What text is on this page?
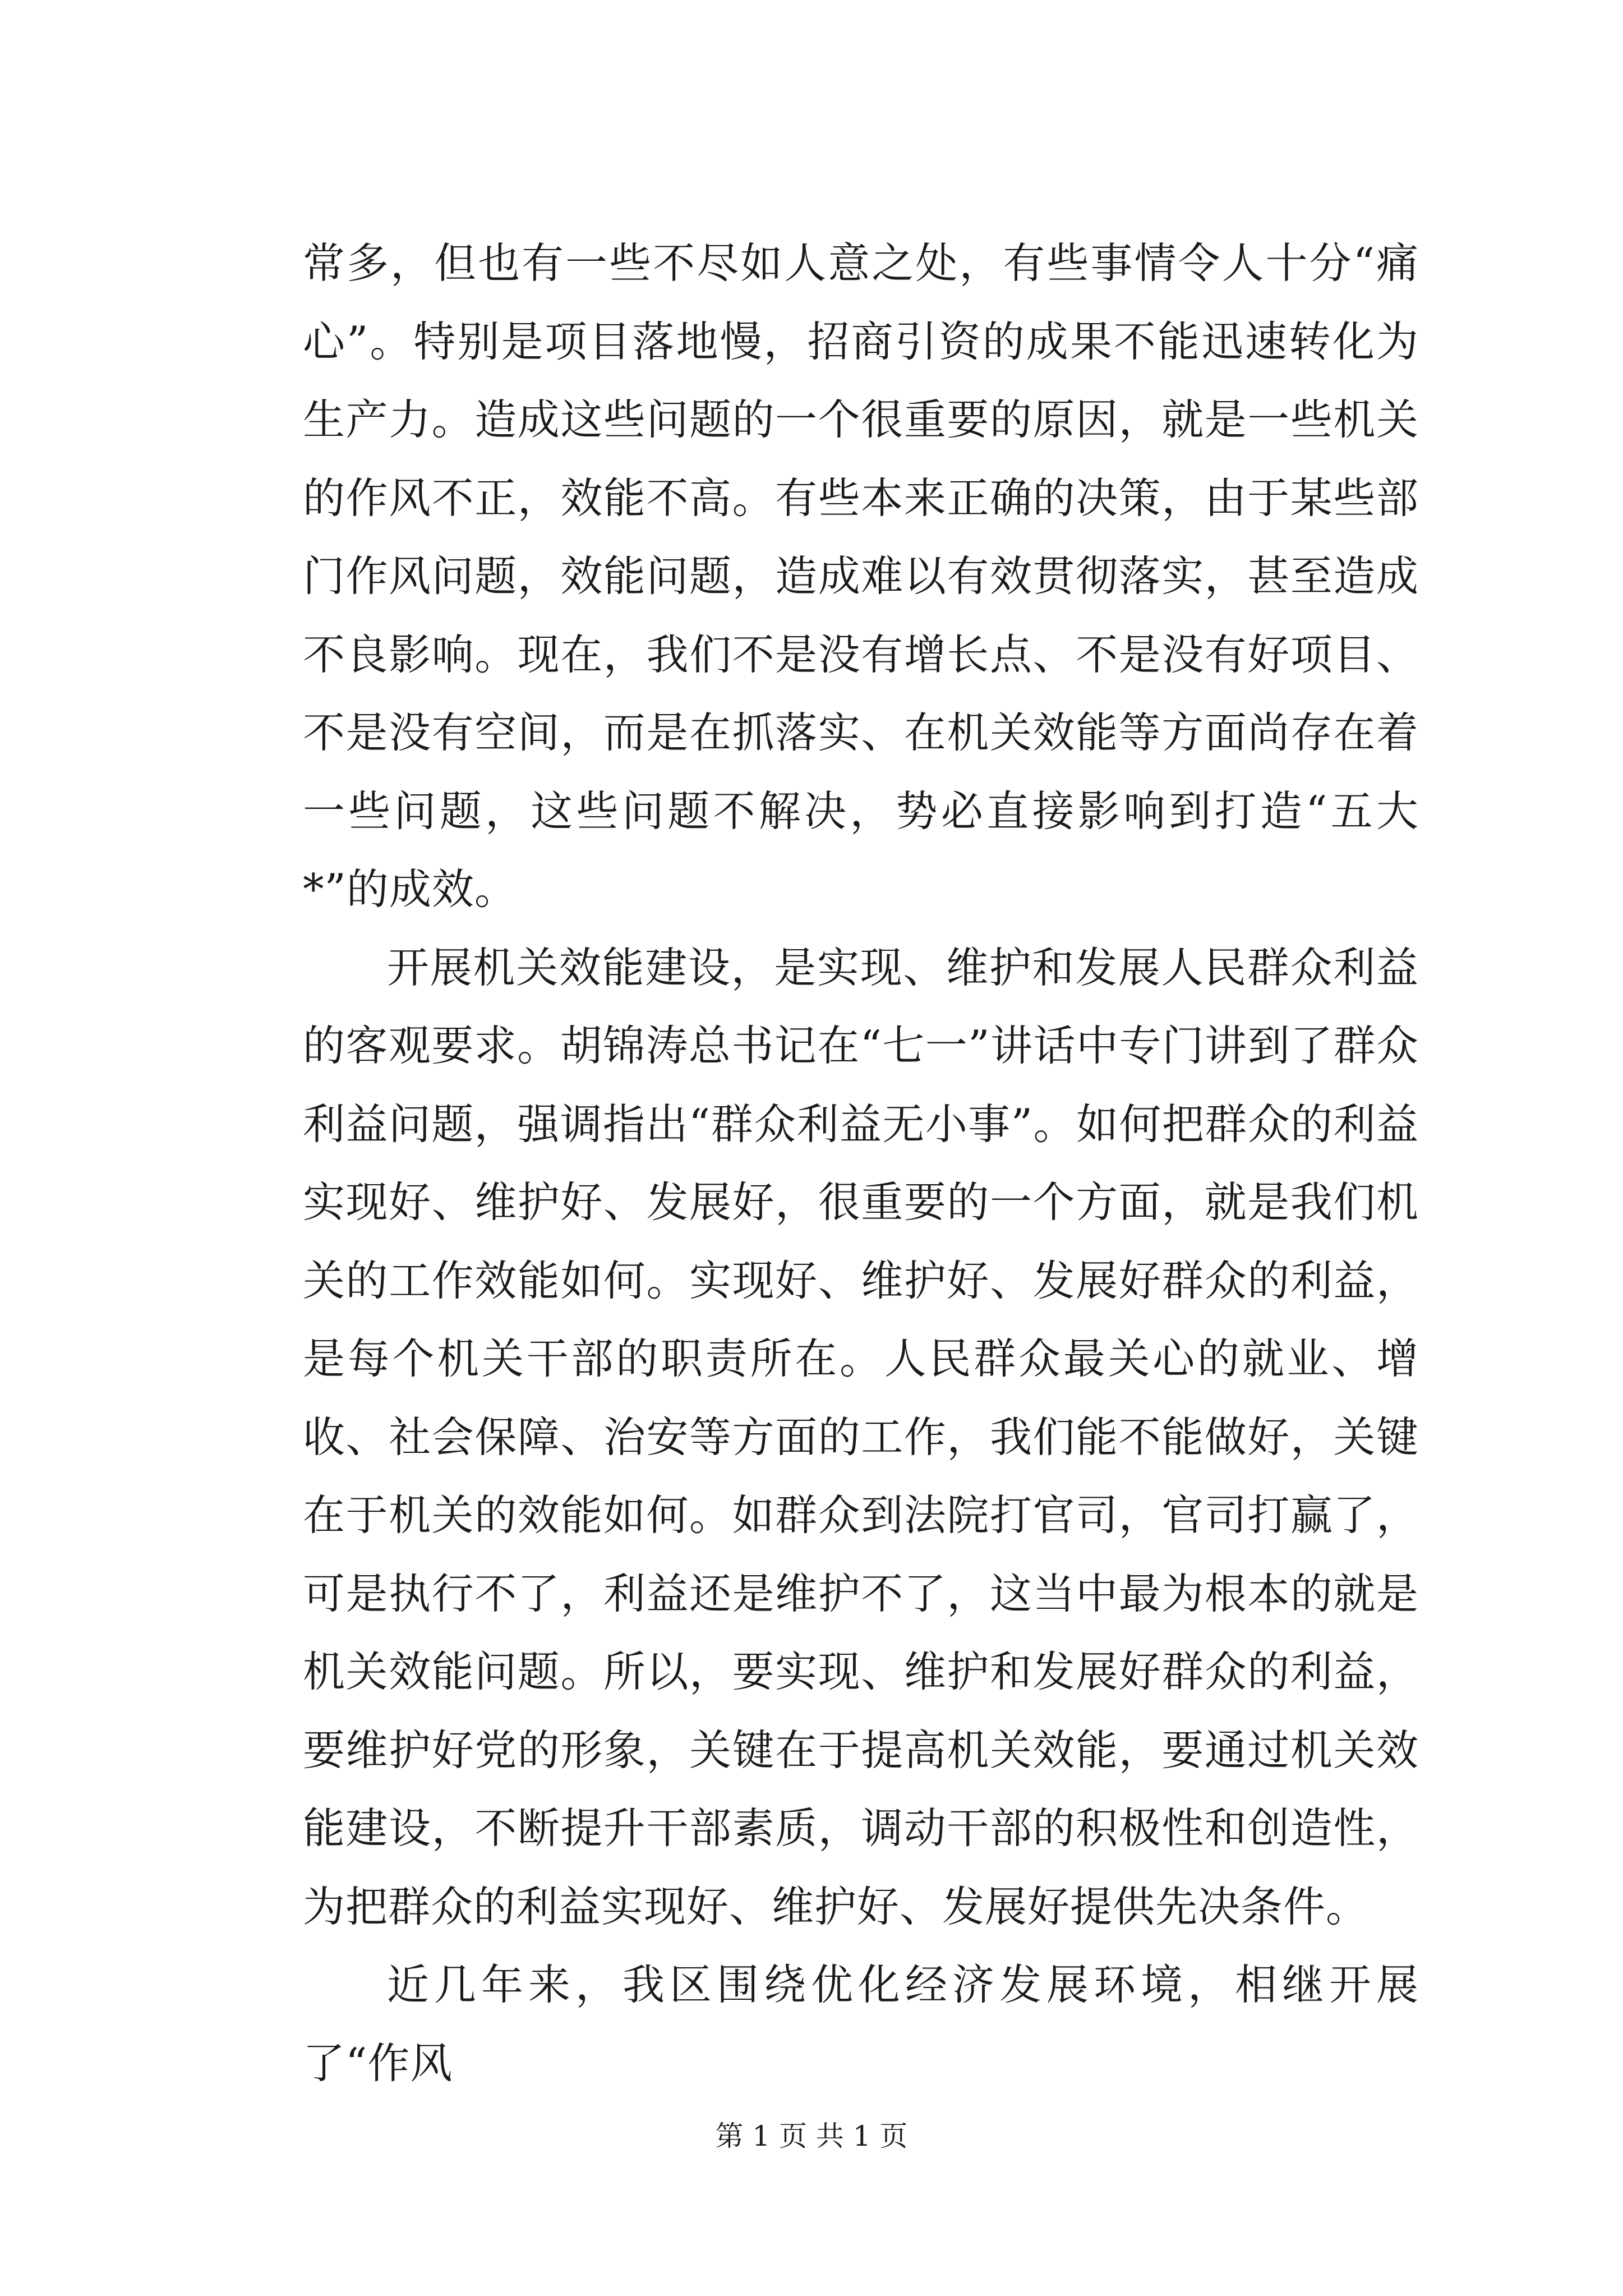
常多，但也有一些不尽如人意之处，有些事情令人十分“痛心”。特别是项目落地慢，招商引资的成果不能迅速转化为生产力。造成这些问题的一个很重要的原因，就是一些机关的作风不正，效能不高。有些本来正确的决策，由于某些部门作风问题，效能问题，造成难以有效贯彻落实，甚至造成不良影响。现在，我们不是没有增长点、不是没有好项目、不是没有空间，而是在抓落实、在机关效能等方面尚存在着一些问题，这些问题不解决，势必直接影响到打造“五大*”的成效。

开展机关效能建设，是实现、维护和发展人民群众利益的客观要求。胡锦涛总书记在“七一”讲话中专门讲到了群众利益问题，强调指出“群众利益无小事”。如何把群众的利益实现好、维护好、发展好，很重要的一个方面，就是我们机关的工作效能如何。实现好、维护好、发展好群众的利益，是每个机关干部的职责所在。人民群众最关心的就业、增收、社会保障、治安等方面的工作，我们能不能做好，关键在于机关的效能如何。如群众到法院打官司，官司打赢了，可是执行不了，利益还是维护不了，这当中最为根本的就是机关效能问题。所以，要实现、维护和发展好群众的利益，要维护好党的形象，关键在于提高机关效能，要通过机关效能建设，不断提升干部素质，调动干部的积极性和创造性，为把群众的利益实现好、维护好、发展好提供先决条件。

近几年来，我区围绕优化经济发展环境，相继开展了“作风

第 1 页 共 1 页
